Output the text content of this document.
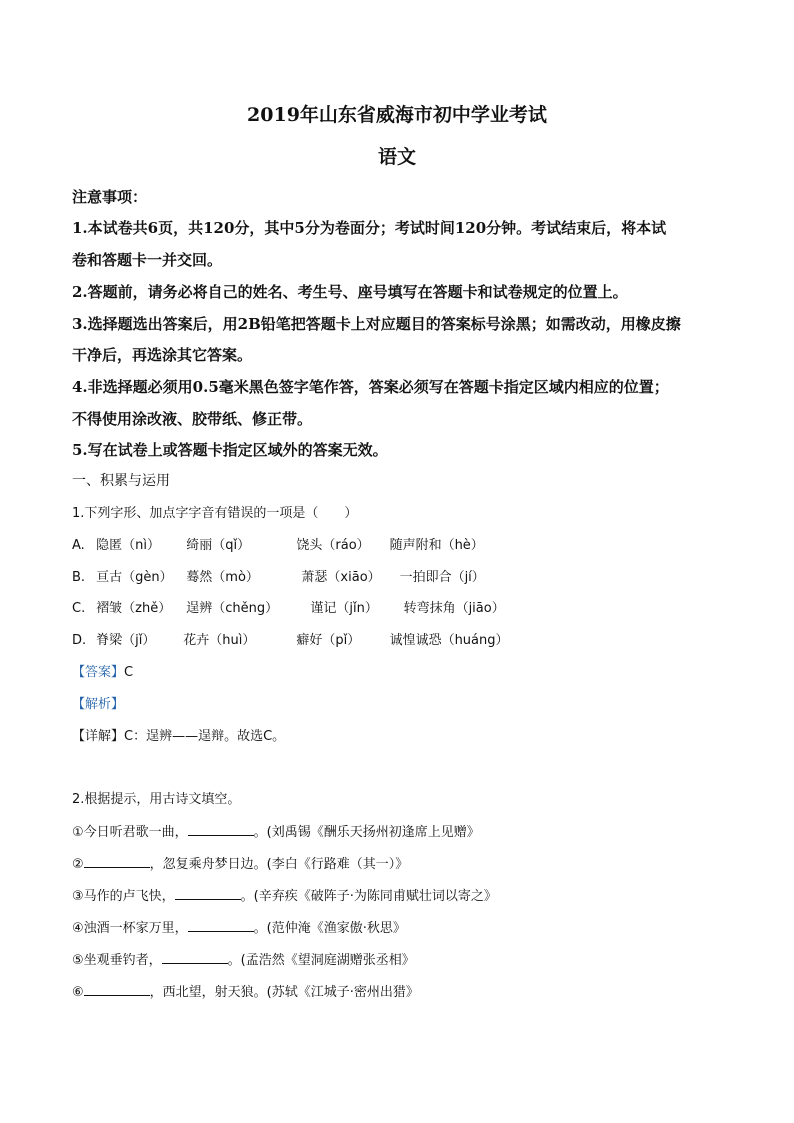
2019年山东省威海市初中学业考试
语文
注意事项：
1.本试卷共6页，共120分，其中5分为卷面分；考试时间120分钟。考试结束后，将本试
卷和答题卡一并交回。
2.答题前，请务必将自己的姓名、考生号、座号填写在答题卡和试卷规定的位置上。
3.选择题选出答案后，用2B铅笔把答题卡上对应题目的答案标号涂黑；如需改动，用橡皮擦
干净后，再选涂其它答案。
4.非选择题必须用0.5毫米黑色签字笔作答，答案必须写在答题卡指定区域内相应的位置；
不得使用涂改液、胶带纸、修正带。
5.写在试卷上或答题卡指定区域外的答案无效。
一、积累与运用
1.下列字形、加点字字音有错误的一项是（　　）
A. 隐匿（nì） 绮丽（qǐ）	饶头（ráo） 随声附和（hè）
B. 亘古（gèn） 蓦然（mò）	萧瑟（xiāo） 一拍即合（jí）
C. 褶皱（zhě） 逞辨（chěng） 谨记（jǐn） 转弯抹角（jiāo）
D. 脊梁（jǐ） 花卉（huì）	癖好（pǐ） 诚惶诚恐（huáng）
【答案】C
【解析】
【详解】C：逞辨——逞辩。故选C。
2.根据提示，用古诗文填空。
①今日听君歌一曲，	。(刘禹锡《酬乐天扬州初逢席上见赠》
②	，忽复乘舟梦日边。(李白《行路难（其一）》
③马作的卢飞快，	。(辛弃疾《破阵子·为陈同甫赋壮词以寄之》
④浊酒一杯家万里，	。(范仲淹《渔家傲·秋思》
⑤坐观垂钓者，	。(孟浩然《望洞庭湖赠张丞相》
⑥	，西北望，射天狼。(苏轼《江城子·密州出猎》
